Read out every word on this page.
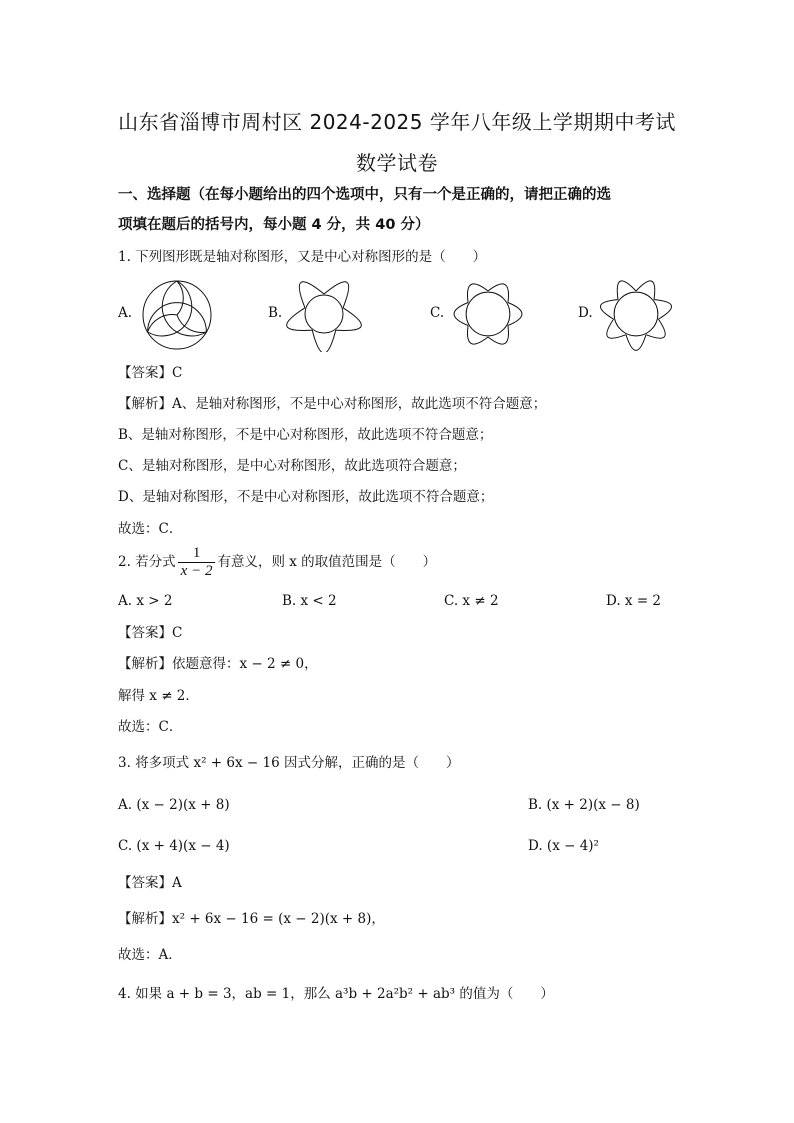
山东省淄博市周村区 2024-2025 学年八年级上学期期中考试
数学试卷
一、选择题（在每小题给出的四个选项中，只有一个是正确的，请把正确的选
项填在题后的括号内，每小题 4 分，共 40 分）
1. 下列图形既是轴对称图形，又是中心对称图形的是（　　）
A.	B.	C.	D.
【答案】C
【解析】A、是轴对称图形，不是中心对称图形，故此选项不符合题意；
B、是轴对称图形，不是中心对称图形，故此选项不符合题意；
C、是轴对称图形，是中心对称图形，故此选项符合题意；
D、是轴对称图形，不是中心对称图形，故此选项不符合题意；
故选：C．
2. 若分式 $\frac{1}{x - 2}$ 有意义，则 x 的取值范围是（　　）
A. x > 2	B. x < 2	C. x ≠ 2	D. x = 2
【答案】C
【解析】依题意得：x − 2 ≠ 0，
解得 x ≠ 2．
故选：C．
3. 将多项式 x² + 6x − 16 因式分解，正确的是（　　）
A. (x − 2)(x + 8)	B. (x + 2)(x − 8)
C. (x + 4)(x − 4)	D. (x − 4)²
【答案】A
【解析】x² + 6x − 16 = (x − 2)(x + 8)，
故选：A．
4. 如果 a + b = 3，ab = 1，那么 a³b + 2a²b² + ab³ 的值为（　　）
